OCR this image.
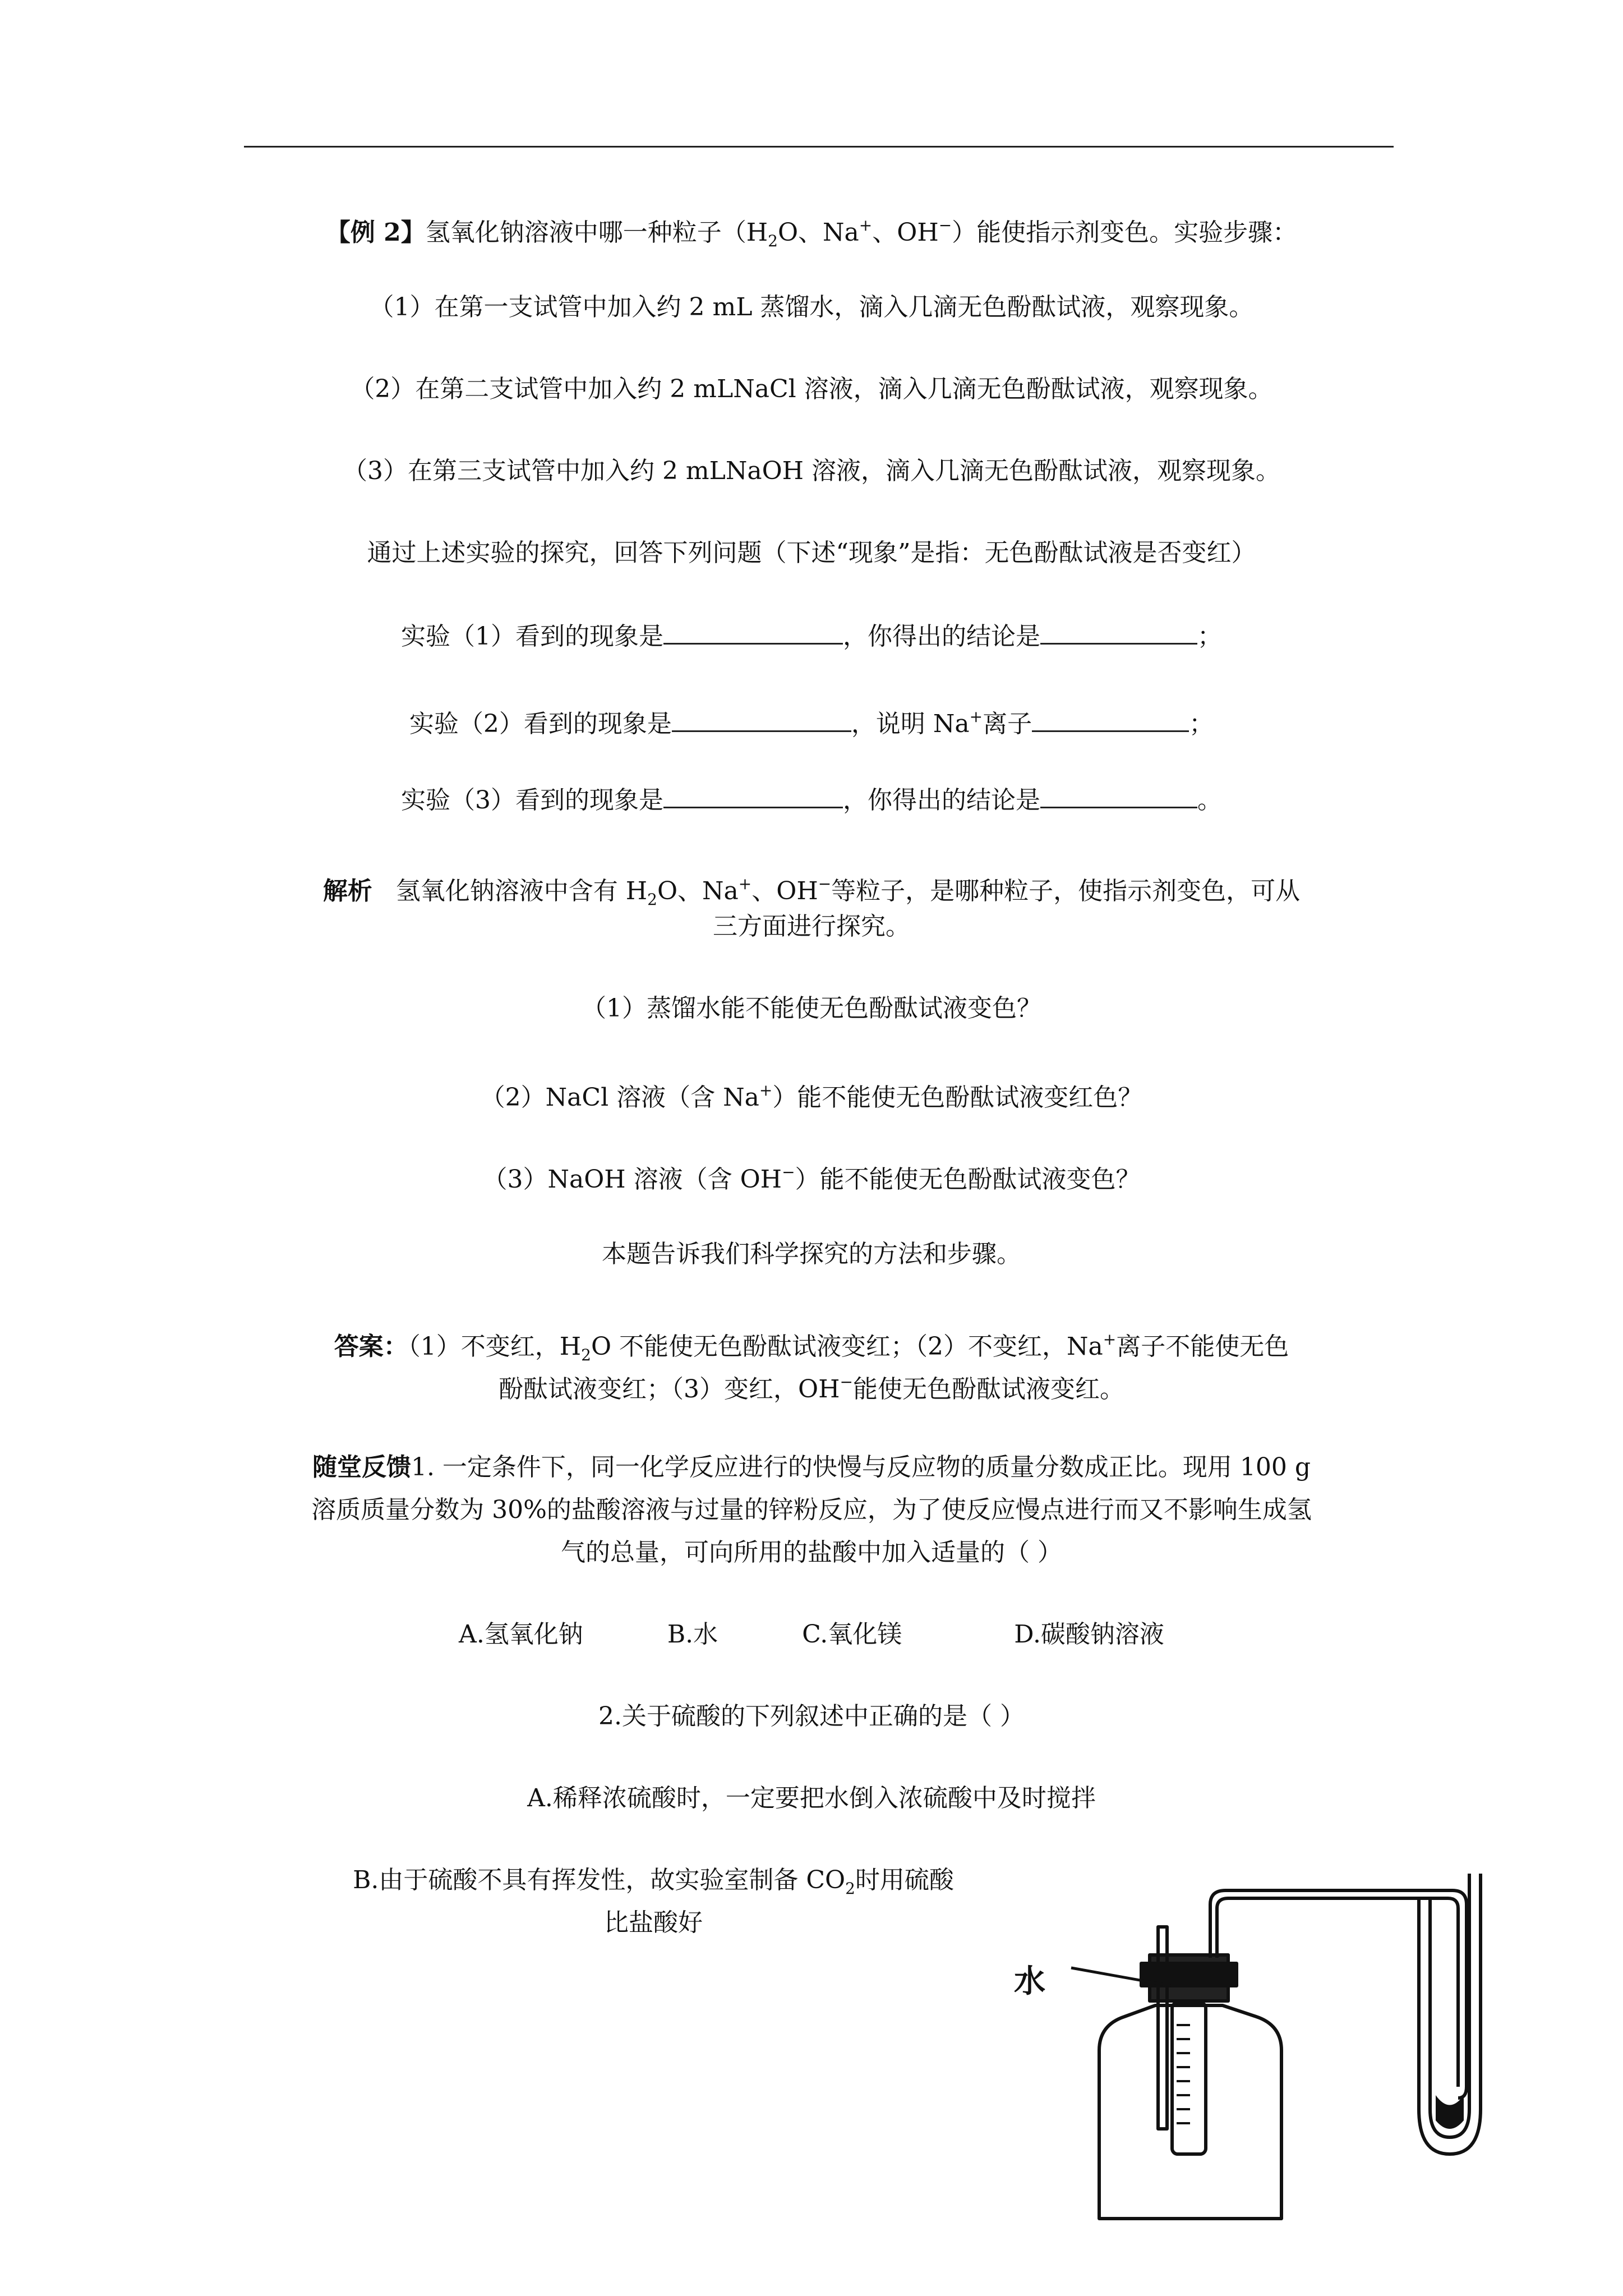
【例 2】氢氧化钠溶液中哪一种粒子（$H_2O$、Na+、OH−）能使指示剂变色。实验步骤：
（1）在第一支试管中加入约 2 mL 蒸馏水，滴入几滴无色酚酞试液，观察现象。
（2）在第二支试管中加入约 2 mLNaCl 溶液，滴入几滴无色酚酞试液，观察现象。
（3）在第三支试管中加入约 2 mLNaOH 溶液，滴入几滴无色酚酞试液，观察现象。
通过上述实验的探究，回答下列问题（下述“现象”是指：无色酚酞试液是否变红）
实验（1）看到的现象是	，你得出的结论是	；
实验（2）看到的现象是	，说明 Na+离子	；
实验（3）看到的现象是	，你得出的结论是	。
解析 氢氧化钠溶液中含有 $H_2O$、Na+、OH−等粒子，是哪种粒子，使指示剂变色，可从
三方面进行探究。
（1）蒸馏水能不能使无色酚酞试液变色？
（2）NaCl 溶液（含 Na+）能不能使无色酚酞试液变红色？
（3）NaOH 溶液（含 OH−）能不能使无色酚酞试液变色？
本题告诉我们科学探究的方法和步骤。
答案：（1）不变红，$H_2O$ 不能使无色酚酞试液变红；（2）不变红，Na+离子不能使无色
酚酞试液变红；（3）变红，OH−能使无色酚酞试液变红。
随堂反馈1. 一定条件下，同一化学反应进行的快慢与反应物的质量分数成正比。现用 100 g
溶质质量分数为 30%的盐酸溶液与过量的锌粉反应，为了使反应慢点进行而又不影响生成氢
气的总量，可向所用的盐酸中加入适量的（ ）
A.氢氧化钠	B.水	C.氧化镁	D.碳酸钠溶液
2.关于硫酸的下列叙述中正确的是（ ）
A.稀释浓硫酸时，一定要把水倒入浓硫酸中及时搅拌
B.由于硫酸不具有挥发性，故实验室制备 $CO_2$时用硫酸
比盐酸好
水
